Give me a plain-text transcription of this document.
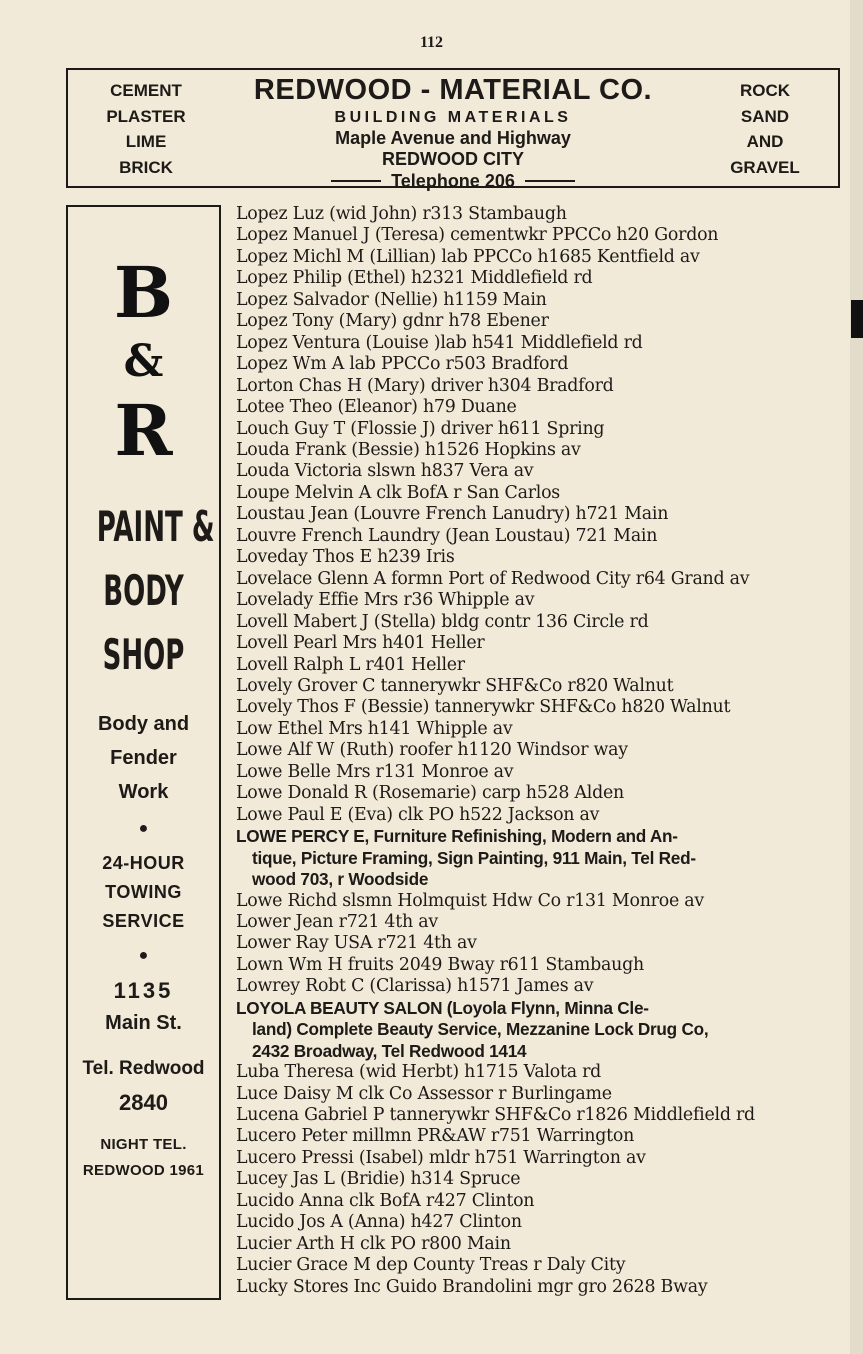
112
CEMENT
PLASTER
LIME
BRICK
REDWOOD - MATERIAL CO.
BUILDING MATERIALS
Maple Avenue and Highway
REDWOOD CITY
Telephone 206
ROCK
SAND
AND
GRAVEL
B
&
R
PAINT &
BODY
SHOP
Body and
Fender
Work
●
24-HOUR
TOWING
SERVICE
●
1135
Main St.
Tel. Redwood
2840
NIGHT TEL.
REDWOOD 1961
Lopez Luz (wid John) r313 Stambaugh
Lopez Manuel J (Teresa) cementwkr PPCCo h20 Gordon
Lopez Michl M (Lillian) lab PPCCo h1685 Kentfield av
Lopez Philip (Ethel) h2321 Middlefield rd
Lopez Salvador (Nellie) h1159 Main
Lopez Tony (Mary) gdnr h78 Ebener
Lopez Ventura (Louise )lab h541 Middlefield rd
Lopez Wm A lab PPCCo r503 Bradford
Lorton Chas H (Mary) driver h304 Bradford
Lotee Theo (Eleanor) h79 Duane
Louch Guy T (Flossie J) driver h611 Spring
Louda Frank (Bessie) h1526 Hopkins av
Louda Victoria slswn h837 Vera av
Loupe Melvin A clk BofA r San Carlos
Loustau Jean (Louvre French Lanudry) h721 Main
Louvre French Laundry (Jean Loustau) 721 Main
Loveday Thos E h239 Iris
Lovelace Glenn A formn Port of Redwood City r64 Grand av
Lovelady Effie Mrs r36 Whipple av
Lovell Mabert J (Stella) bldg contr 136 Circle rd
Lovell Pearl Mrs h401 Heller
Lovell Ralph L r401 Heller
Lovely Grover C tannerywkr SHF&Co r820 Walnut
Lovely Thos F (Bessie) tannerywkr SHF&Co h820 Walnut
Low Ethel Mrs h141 Whipple av
Lowe Alf W (Ruth) roofer h1120 Windsor way
Lowe Belle Mrs r131 Monroe av
Lowe Donald R (Rosemarie) carp h528 Alden
Lowe Paul E (Eva) clk PO h522 Jackson av
LOWE PERCY E, Furniture Refinishing, Modern and An-
tique, Picture Framing, Sign Painting, 911 Main, Tel Red-
wood 703, r Woodside
Lowe Richd slsmn Holmquist Hdw Co r131 Monroe av
Lower Jean r721 4th av
Lower Ray USA r721 4th av
Lown Wm H fruits 2049 Bway r611 Stambaugh
Lowrey Robt C (Clarissa) h1571 James av
LOYOLA BEAUTY SALON (Loyola Flynn, Minna Cle-
land) Complete Beauty Service, Mezzanine Lock Drug Co,
2432 Broadway, Tel Redwood 1414
Luba Theresa (wid Herbt) h1715 Valota rd
Luce Daisy M clk Co Assessor r Burlingame
Lucena Gabriel P tannerywkr SHF&Co r1826 Middlefield rd
Lucero Peter millmn PR&AW r751 Warrington
Lucero Pressi (Isabel) mldr h751 Warrington av
Lucey Jas L (Bridie) h314 Spruce
Lucido Anna clk BofA r427 Clinton
Lucido Jos A (Anna) h427 Clinton
Lucier Arth H clk PO r800 Main
Lucier Grace M dep County Treas r Daly City
Lucky Stores Inc Guido Brandolini mgr gro 2628 Bway
